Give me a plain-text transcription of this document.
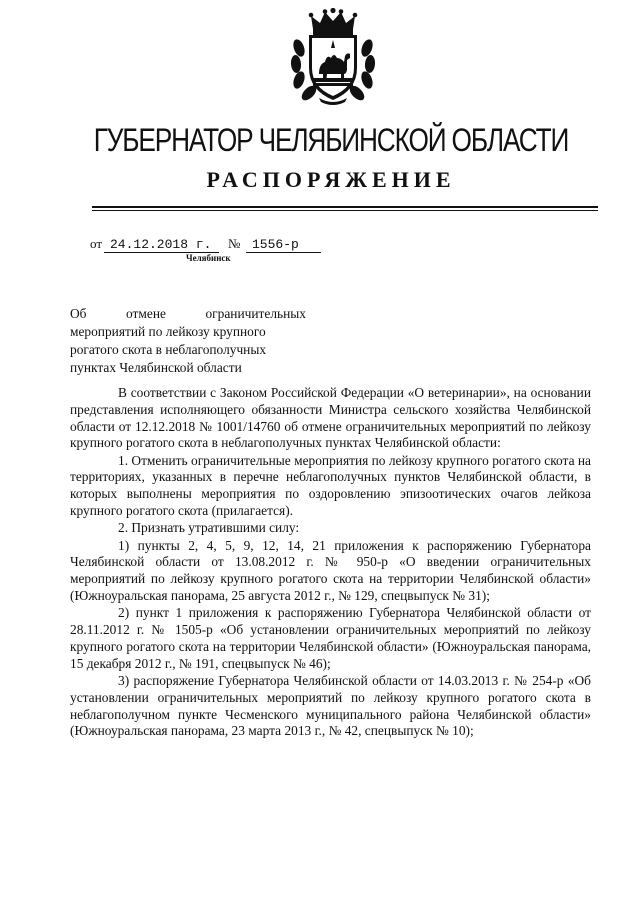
ГУБЕРНАТОР ЧЕЛЯБИНСКОЙ ОБЛАСТИ
РАСПОРЯЖЕНИЕ
от 24.12.2018 г.	№ 1556-р
Челябинск
Об	отмене	ограничительных
мероприятий по лейкозу крупного
рогатого скота в неблагополучных
пунктах Челябинской области

В соответствии с Законом Российской Федерации «О ветеринарии», на основании представления исполняющего обязанности Министра сельского хозяйства Челябинской области от 12.12.2018 № 1001/14760 об отмене ограничительных мероприятий по лейкозу крупного рогатого скота в неблагополучных пунктах Челябинской области:

1. Отменить ограничительные мероприятия по лейкозу крупного рогатого скота на территориях, указанных в перечне неблагополучных пунктов Челябинской области, в которых выполнены мероприятия по оздоровлению эпизоотических очагов лейкоза крупного рогатого скота (прилагается).

2. Признать утратившими силу:

1) пункты 2, 4, 5, 9, 12, 14, 21 приложения к распоряжению Губернатора Челябинской области от 13.08.2012 г. № 950-р «О введении ограничительных мероприятий по лейкозу крупного рогатого скота на территории Челябинской области» (Южноуральская панорама, 25 августа 2012 г., № 129, спецвыпуск № 31);

2) пункт 1 приложения к распоряжению Губернатора Челябинской области от 28.11.2012 г. № 1505-р «Об установлении ограничительных мероприятий по лейкозу крупного рогатого скота на территории Челябинской области» (Южноуральская панорама, 15 декабря 2012 г., № 191, спецвыпуск № 46);

3) распоряжение Губернатора Челябинской области от 14.03.2013 г. № 254-р «Об установлении ограничительных мероприятий по лейкозу крупного рогатого скота в неблагополучном пункте Чесменского муниципального района Челябинской области» (Южноуральская панорама, 23 марта 2013 г., № 42, спецвыпуск № 10);
